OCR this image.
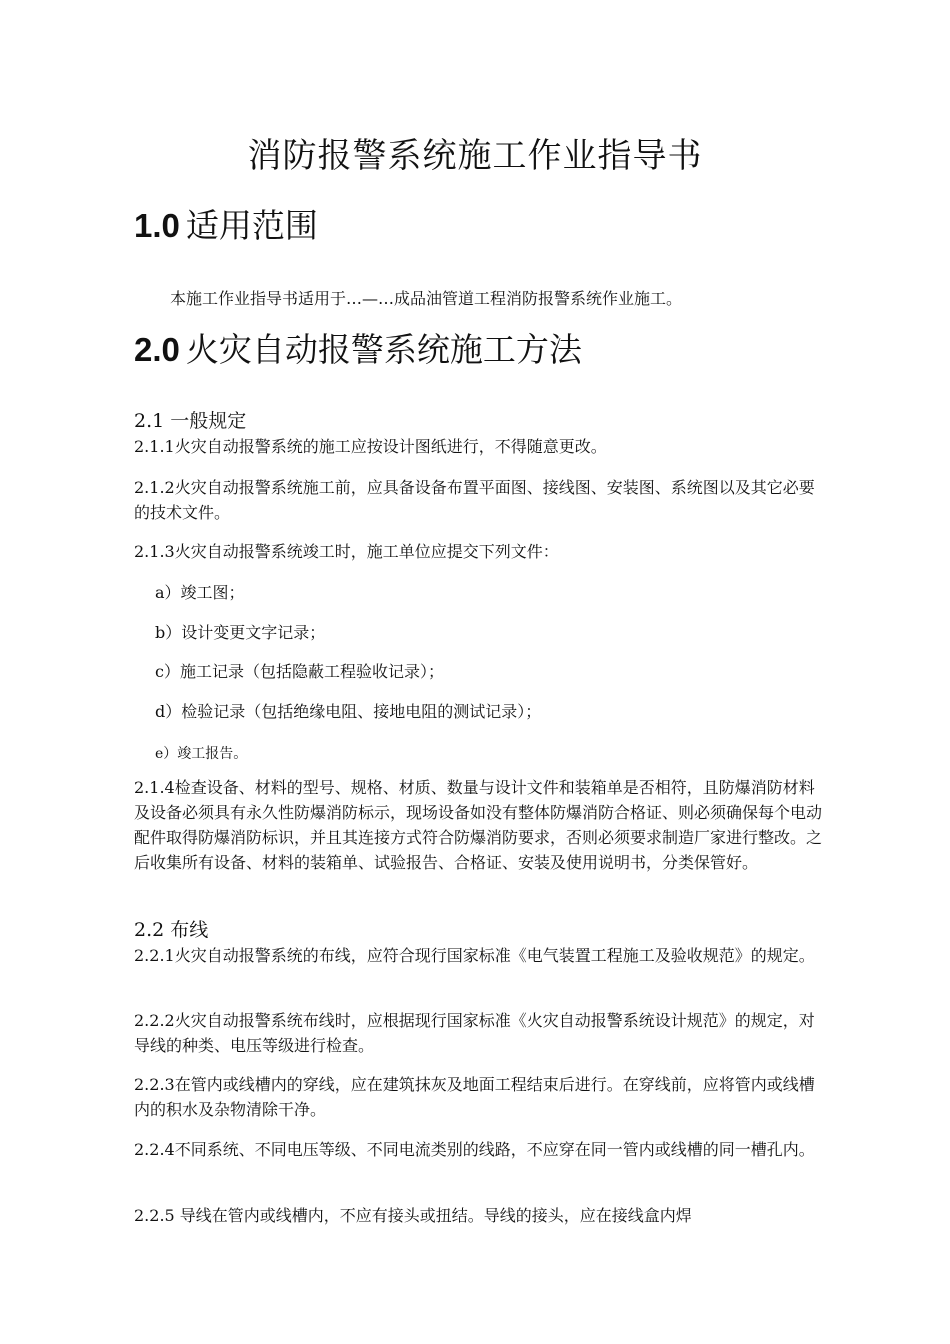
消防报警系统施工作业指导书
1.0 适用范围
本施工作业指导书适用于…—…成品油管道工程消防报警系统作业施工。
2.0 火灾自动报警系统施工方法
2.1 一般规定
2.1.1火灾自动报警系统的施工应按设计图纸进行，不得随意更改。
2.1.2火灾自动报警系统施工前，应具备设备布置平面图、接线图、安装图、系统图以及其它必要的技术文件。
2.1.3火灾自动报警系统竣工时，施工单位应提交下列文件：
a）竣工图；
b）设计变更文字记录；
c）施工记录（包括隐蔽工程验收记录）；
d）检验记录（包括绝缘电阻、接地电阻的测试记录）；
e）竣工报告。
2.1.4检查设备、材料的型号、规格、材质、数量与设计文件和装箱单是否相符，且防爆消防材料及设备必须具有永久性防爆消防标示，现场设备如没有整体防爆消防合格证、则必须确保每个电动配件取得防爆消防标识，并且其连接方式符合防爆消防要求，否则必须要求制造厂家进行整改。之后收集所有设备、材料的装箱单、试验报告、合格证、安装及使用说明书，分类保管好。
2.2 布线
2.2.1火灾自动报警系统的布线，应符合现行国家标准《电气装置工程施工及验收规范》的规定。
2.2.2火灾自动报警系统布线时，应根据现行国家标准《火灾自动报警系统设计规范》的规定，对导线的种类、电压等级进行检查。
2.2.3在管内或线槽内的穿线，应在建筑抹灰及地面工程结束后进行。在穿线前，应将管内或线槽内的积水及杂物清除干净。
2.2.4不同系统、不同电压等级、不同电流类别的线路，不应穿在同一管内或线槽的同一槽孔内。
2.2.5 导线在管内或线槽内，不应有接头或扭结。导线的接头，应在接线盒内焊
